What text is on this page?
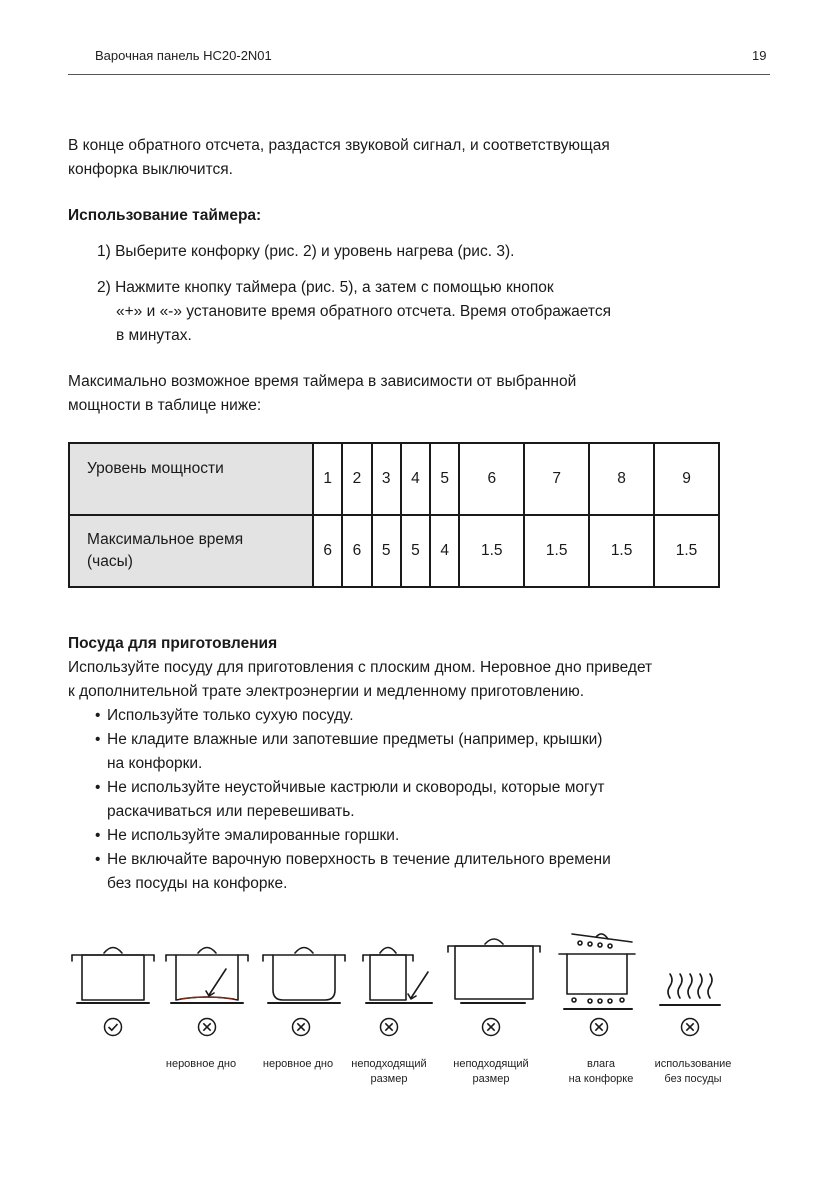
Варочная панель HC20-2N01	19

В конце обратного отсчета, раздастся звуковой сигнал, и соответствующая
конфорка выключится.

Использование таймера:

1) Выберите конфорку (рис. 2) и уровень нагрева (рис. 3).

2) Нажмите кнопку таймера (рис. 5), а затем с помощью кнопок
«+» и «-» установите время обратного отсчета. Время отображается
в минутах.

Максимально возможное время таймера в зависимости от выбранной
мощности в таблице ниже:

Уровень мощности	1	2	3	4	5	6	7	8	9
Максимальное время
(часы)	6	6	5	5	4	1.5	1.5	1.5	1.5

Посуда для приготовления

Используйте посуду для приготовления с плоским дном. Неровное дно приведет
к дополнительной трате электроэнергии и медленному приготовлению.

• Используйте только сухую посуду.
• Не кладите влажные или запотевшие предметы (например, крышки)
на конфорки.
• Не используйте неустойчивые кастрюли и сковороды, которые могут
раскачиваться или перевешивать.
• Не используйте эмалированные горшки.
• Не включайте варочную поверхность в течение длительного времени
без посуды на конфорке.
неровное дно	неровное дно	неподходящий
размер
неподходящий
размер
влага
на конфорке
использование
без посуды
